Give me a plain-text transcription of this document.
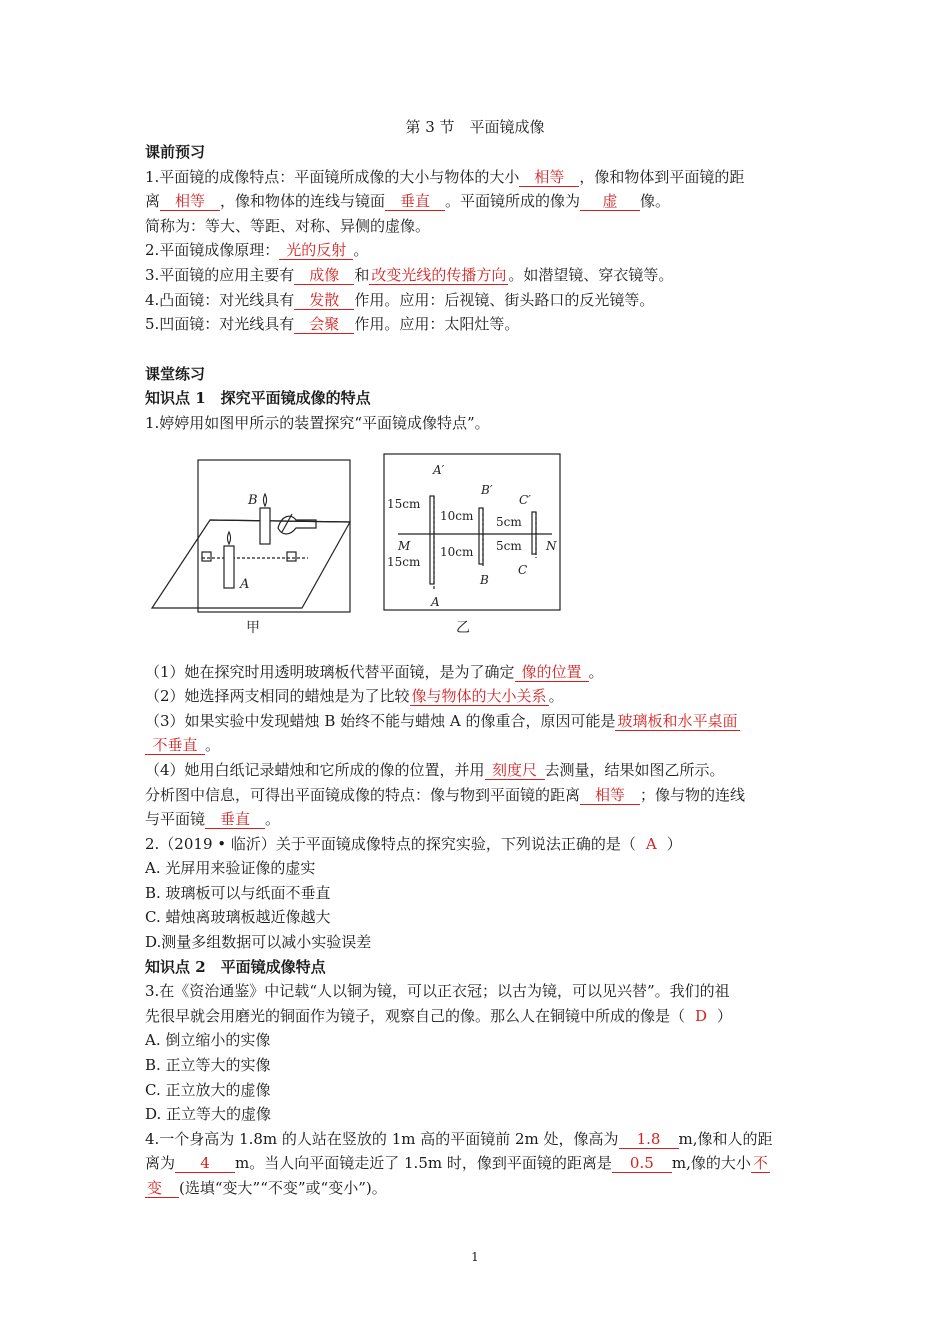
第 3 节　平面镜成像
课前预习
1.平面镜的成像特点：平面镜所成像的大小与物体的大小 相等 ，像和物体到平面镜的距
离 相等 ，像和物体的连线与镜面 垂直 。平面镜所成的像为 虚 像。
简称为：等大、等距、对称、异侧的虚像。
2.平面镜成像原理： 光的反射 。
3.平面镜的应用主要有 成像 和 改变光线的传播方向 。如潜望镜、穿衣镜等。
4.凸面镜：对光线具有 发散 作用。应用：后视镜、街头路口的反光镜等。
5.凹面镜：对光线具有 会聚 作用。应用：太阳灶等。
课堂练习
知识点 1　探究平面镜成像的特点
1.婷婷用如图甲所示的装置探究“平面镜成像特点”。
（1）她在探究时用透明玻璃板代替平面镜，是为了确定 像的位置 。
（2）她选择两支相同的蜡烛是为了比较 像与物体的大小关系 。
（3）如果实验中发现蜡烛 B 始终不能与蜡烛 A 的像重合，原因可能是 玻璃板和水平桌面
不垂直 。
（4）她用白纸记录蜡烛和它所成的像的位置，并用 刻度尺 去测量，结果如图乙所示。
分析图中信息，可得出平面镜成像的特点：像与物到平面镜的距离 相等 ；像与物的连线
与平面镜 垂直 。
2.（2019 • 临沂）关于平面镜成像特点的探究实验，下列说法正确的是（ A ）
A. 光屏用来验证像的虚实
B. 玻璃板可以与纸面不垂直
C. 蜡烛离玻璃板越近像越大
D.测量多组数据可以减小实验误差
知识点 2　平面镜成像特点
3.在《资治通鉴》中记载“人以铜为镜，可以正衣冠；以古为镜，可以见兴替”。我们的祖
先很早就会用磨光的铜面作为镜子，观察自己的像。那么人在铜镜中所成的像是（ D ）
A. 倒立缩小的实像
B. 正立等大的实像
C. 正立放大的虚像
D. 正立等大的虚像
4.一个身高为 1.8m 的人站在竖放的 1m 高的平面镜前 2m 处，像高为 1.8 m,像和人的距
离为 4 m。当人向平面镜走近了 1.5m 时，像到平面镜的距离是 0.5 m,像的大小 不
变 (选填“变大”“不变”或“变小”)。
B
A
甲
A′
B′
C′
15cm
10cm 5cm
M	N
10cm 5cm
15cm
C
B
A
乙
1
